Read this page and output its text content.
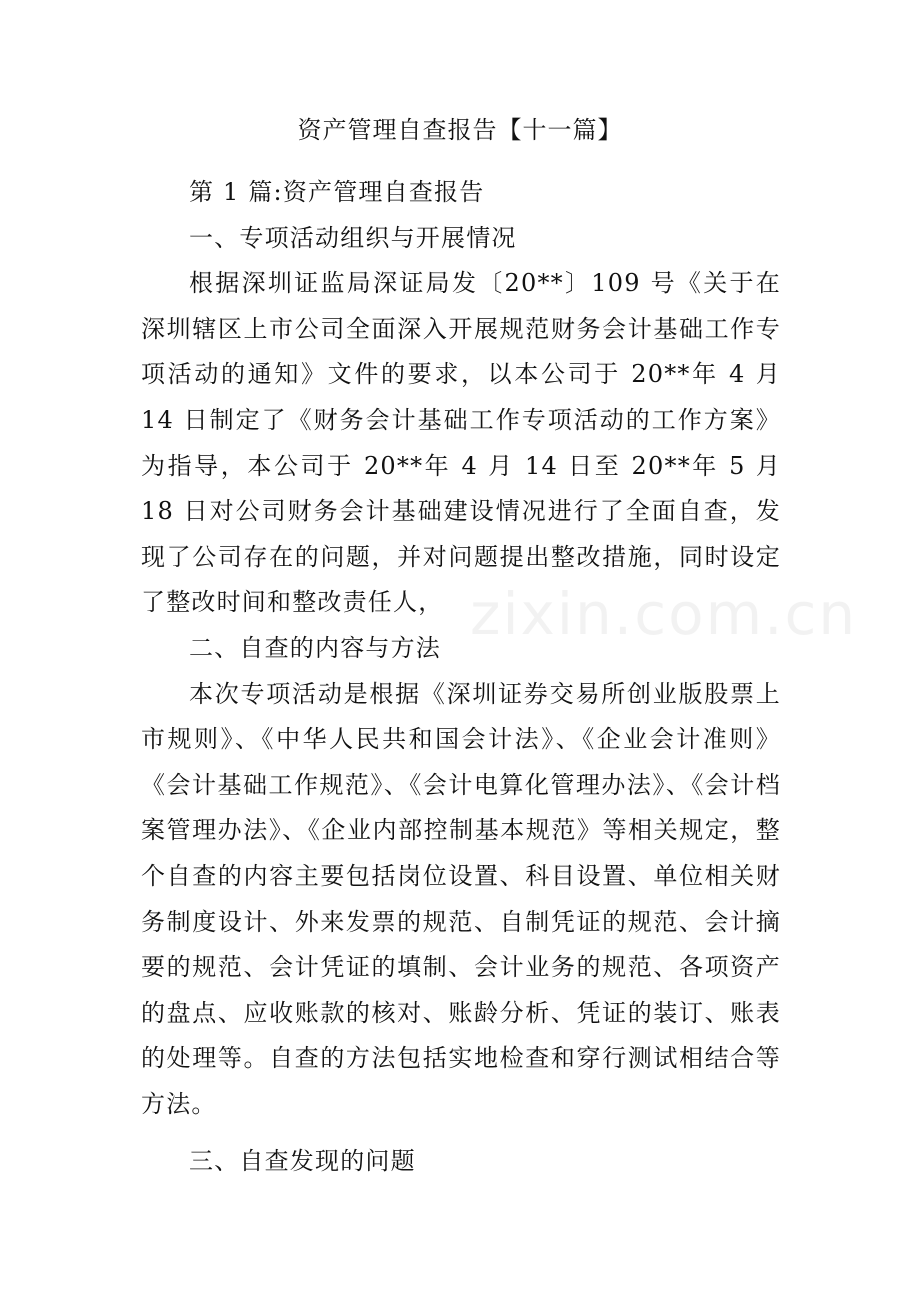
资产管理自查报告【十一篇】

第 1 篇:资产管理自查报告

一、专项活动组织与开展情况

根据深圳证监局深证局发〔20**〕109 号《关于在深圳辖区上市公司全面深入开展规范财务会计基础工作专项活动的通知》文件的要求，以本公司于 20**年 4 月 14 日制定了《财务会计基础工作专项活动的工作方案》为指导，本公司于 20**年 4 月 14 日至 20**年 5 月 18 日对公司财务会计基础建设情况进行了全面自查，发现了公司存在的问题，并对问题提出整改措施，同时设定了整改时间和整改责任人，

二、自查的内容与方法

本次专项活动是根据《深圳证券交易所创业版股票上市规则》、《中华人民共和国会计法》、《企业会计准则》《会计基础工作规范》、《会计电算化管理办法》、《会计档案管理办法》、《企业内部控制基本规范》等相关规定，整个自查的内容主要包括岗位设置、科目设置、单位相关财务制度设计、外来发票的规范、自制凭证的规范、会计摘要的规范、会计凭证的填制、会计业务的规范、各项资产的盘点、应收账款的核对、账龄分析、凭证的装订、账表的处理等。自查的方法包括实地检查和穿行测试相结合等方法。

三、自查发现的问题

zixin.com.cn
